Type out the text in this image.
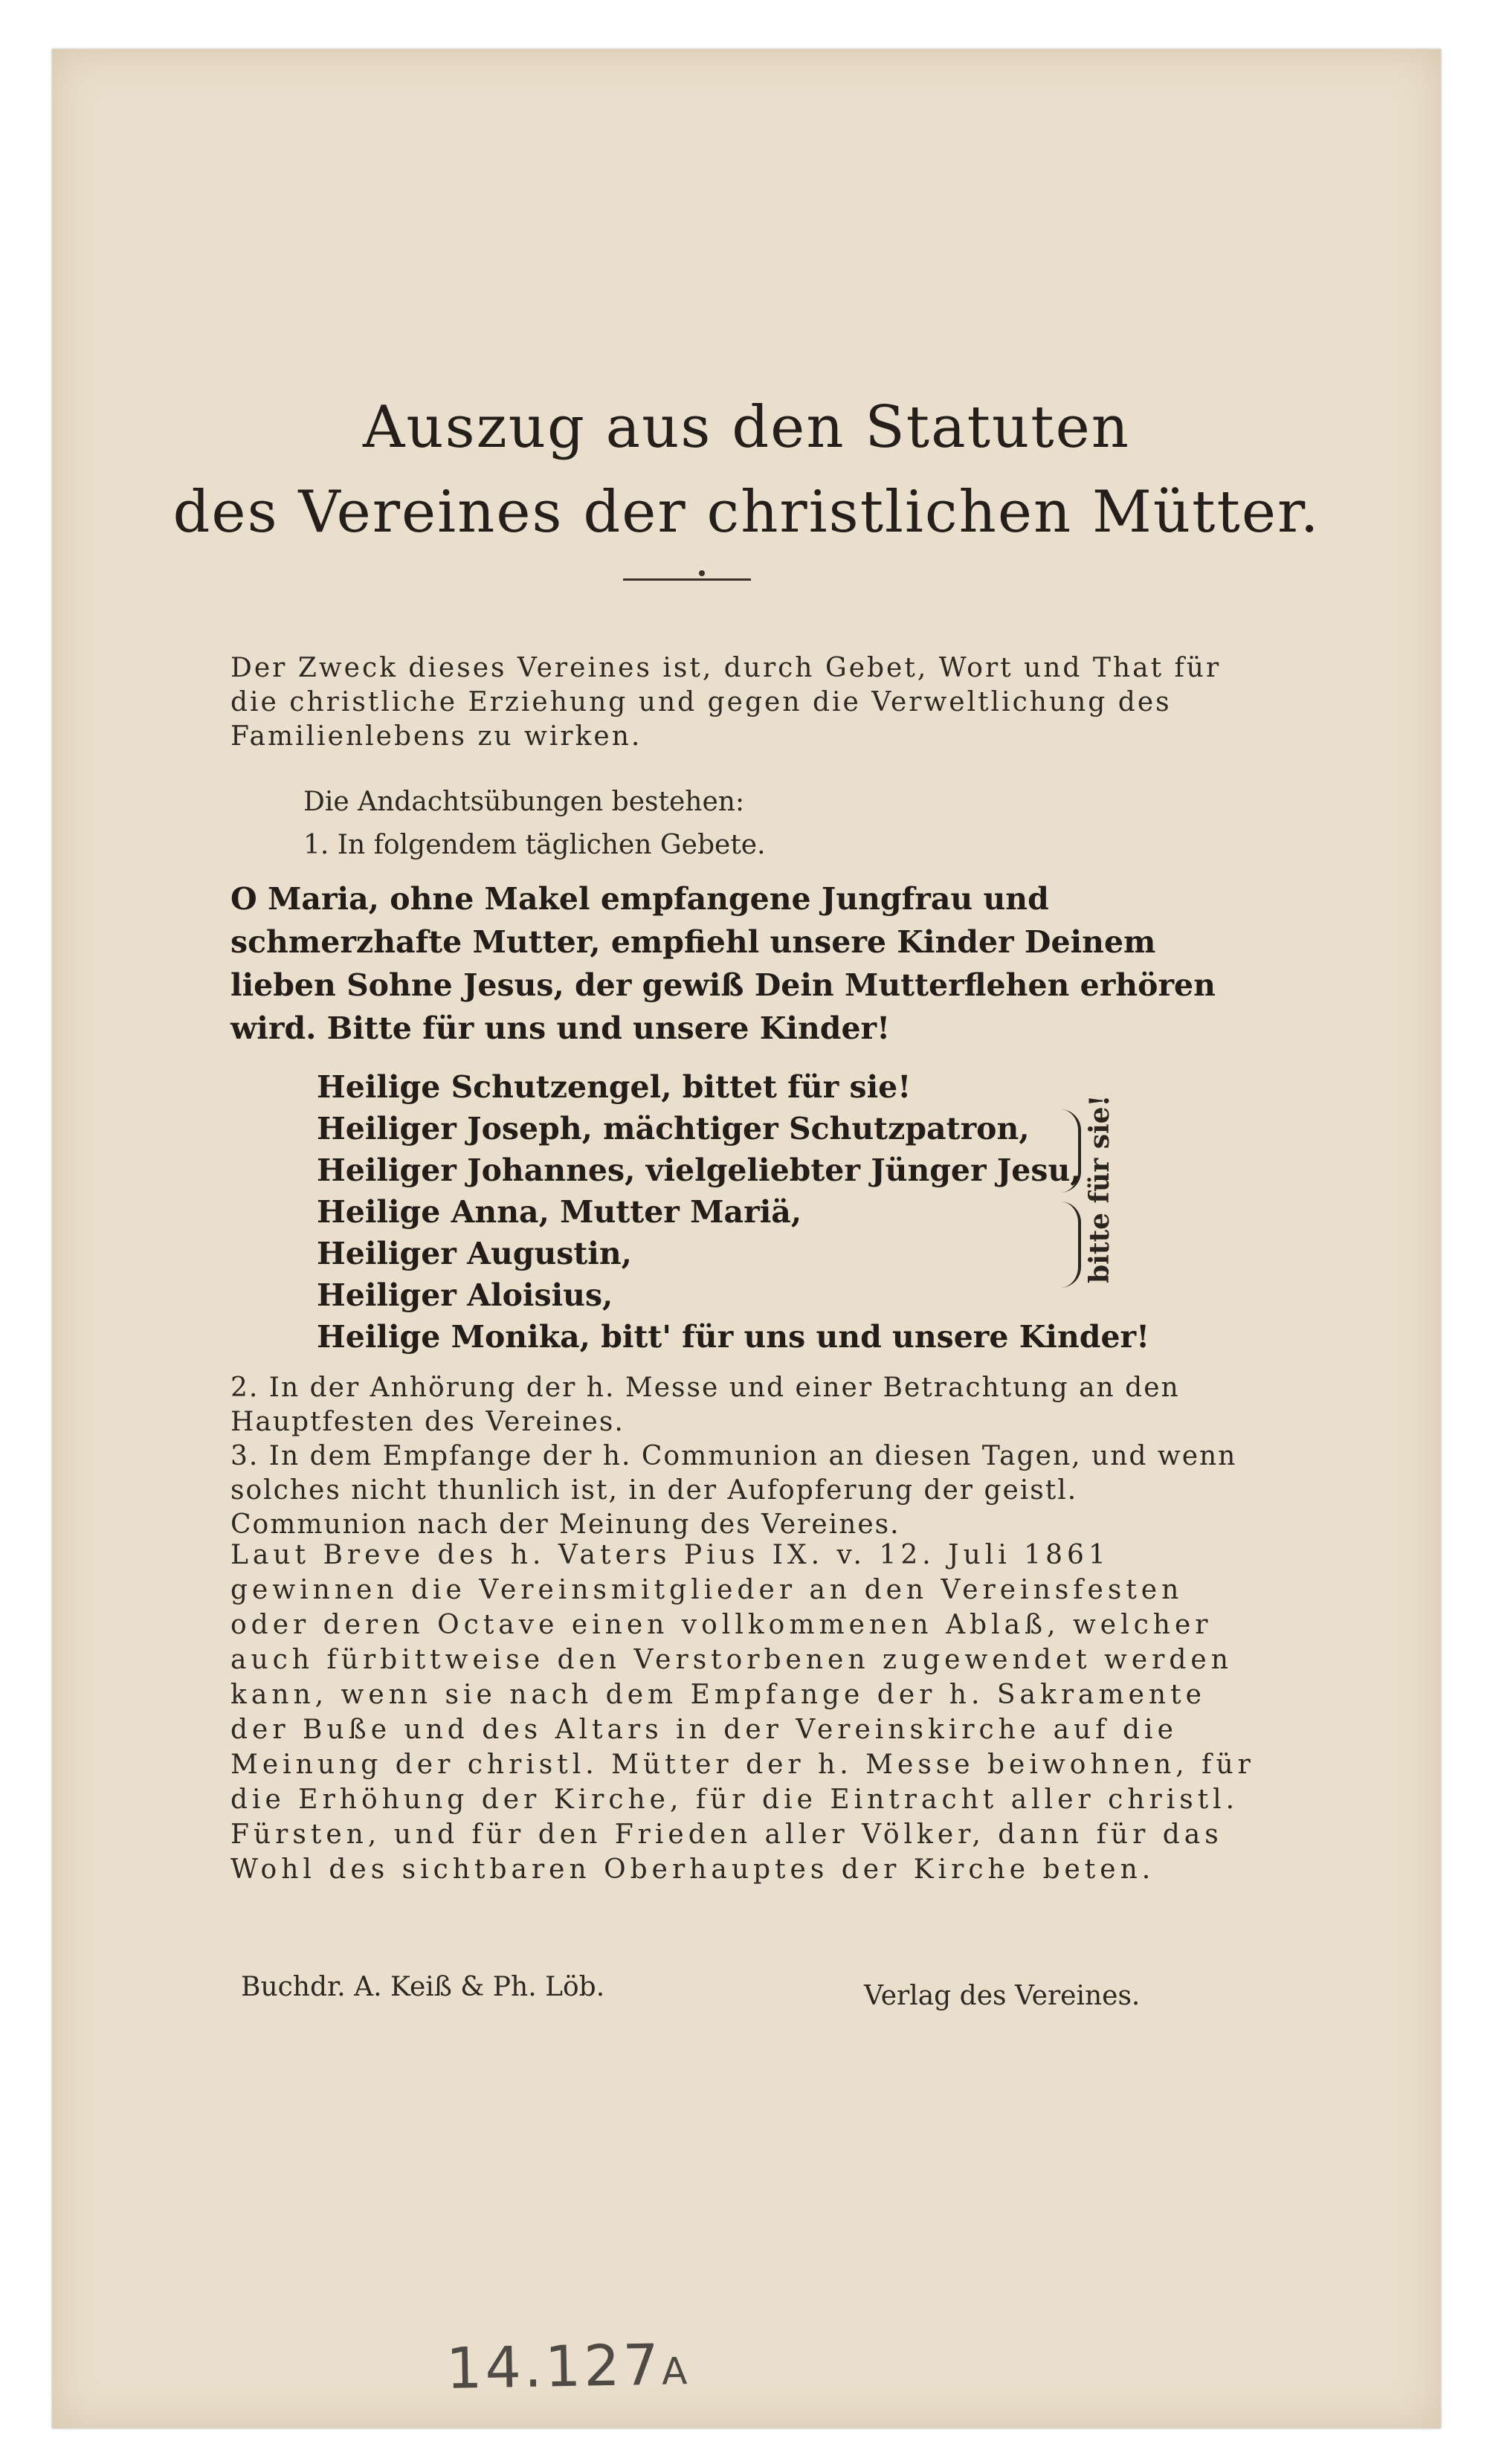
Auszug aus den Statuten
des Vereines der christlichen Mütter.
Der Zweck dieses Vereines ist, durch Gebet, Wort und That für die christliche Erziehung und gegen die Verweltlichung des Familienlebens zu wirken.
Die Andachtsübungen bestehen:
1. In folgendem täglichen Gebete.
O Maria, ohne Makel empfangene Jungfrau und schmerzhafte Mutter, empfiehl unsere Kinder Deinem lieben Sohne Jesus, der gewiß Dein Mutterflehen erhören wird. Bitte für uns und unsere Kinder!
Heilige Schutzengel, bittet für sie!
Heiliger Joseph, mächtiger Schutzpatron,
Heiliger Johannes, vielgeliebter Jünger Jesu,
Heilige Anna, Mutter Mariä,
Heiliger Augustin,
Heiliger Aloisius,
Heilige Monika, bitt' für uns und unsere Kinder!
bitte für sie!
2. In der Anhörung der h. Messe und einer Betrachtung an den Hauptfesten des Vereines.
3. In dem Empfange der h. Communion an diesen Tagen, und wenn solches nicht thunlich ist, in der Aufopferung der geistl. Communion nach der Meinung des Vereines.
Laut Breve des h. Vaters Pius IX. v. 12. Juli 1861 gewinnen die Vereinsmitglieder an den Vereinsfesten oder deren Octave einen vollkommenen Ablaß, welcher auch fürbittweise den Verstorbenen zugewendet werden kann, wenn sie nach dem Empfange der h. Sakramente der Buße und des Altars in der Vereinskirche auf die Meinung der christl. Mütter der h. Messe beiwohnen, für die Erhöhung der Kirche, für die Eintracht aller christl. Fürsten, und für den Frieden aller Völker, dann für das Wohl des sichtbaren Oberhauptes der Kirche beten.
Buchdr. A. Keiß & Ph. Löb.	Verlag des Vereines.
14.127A
